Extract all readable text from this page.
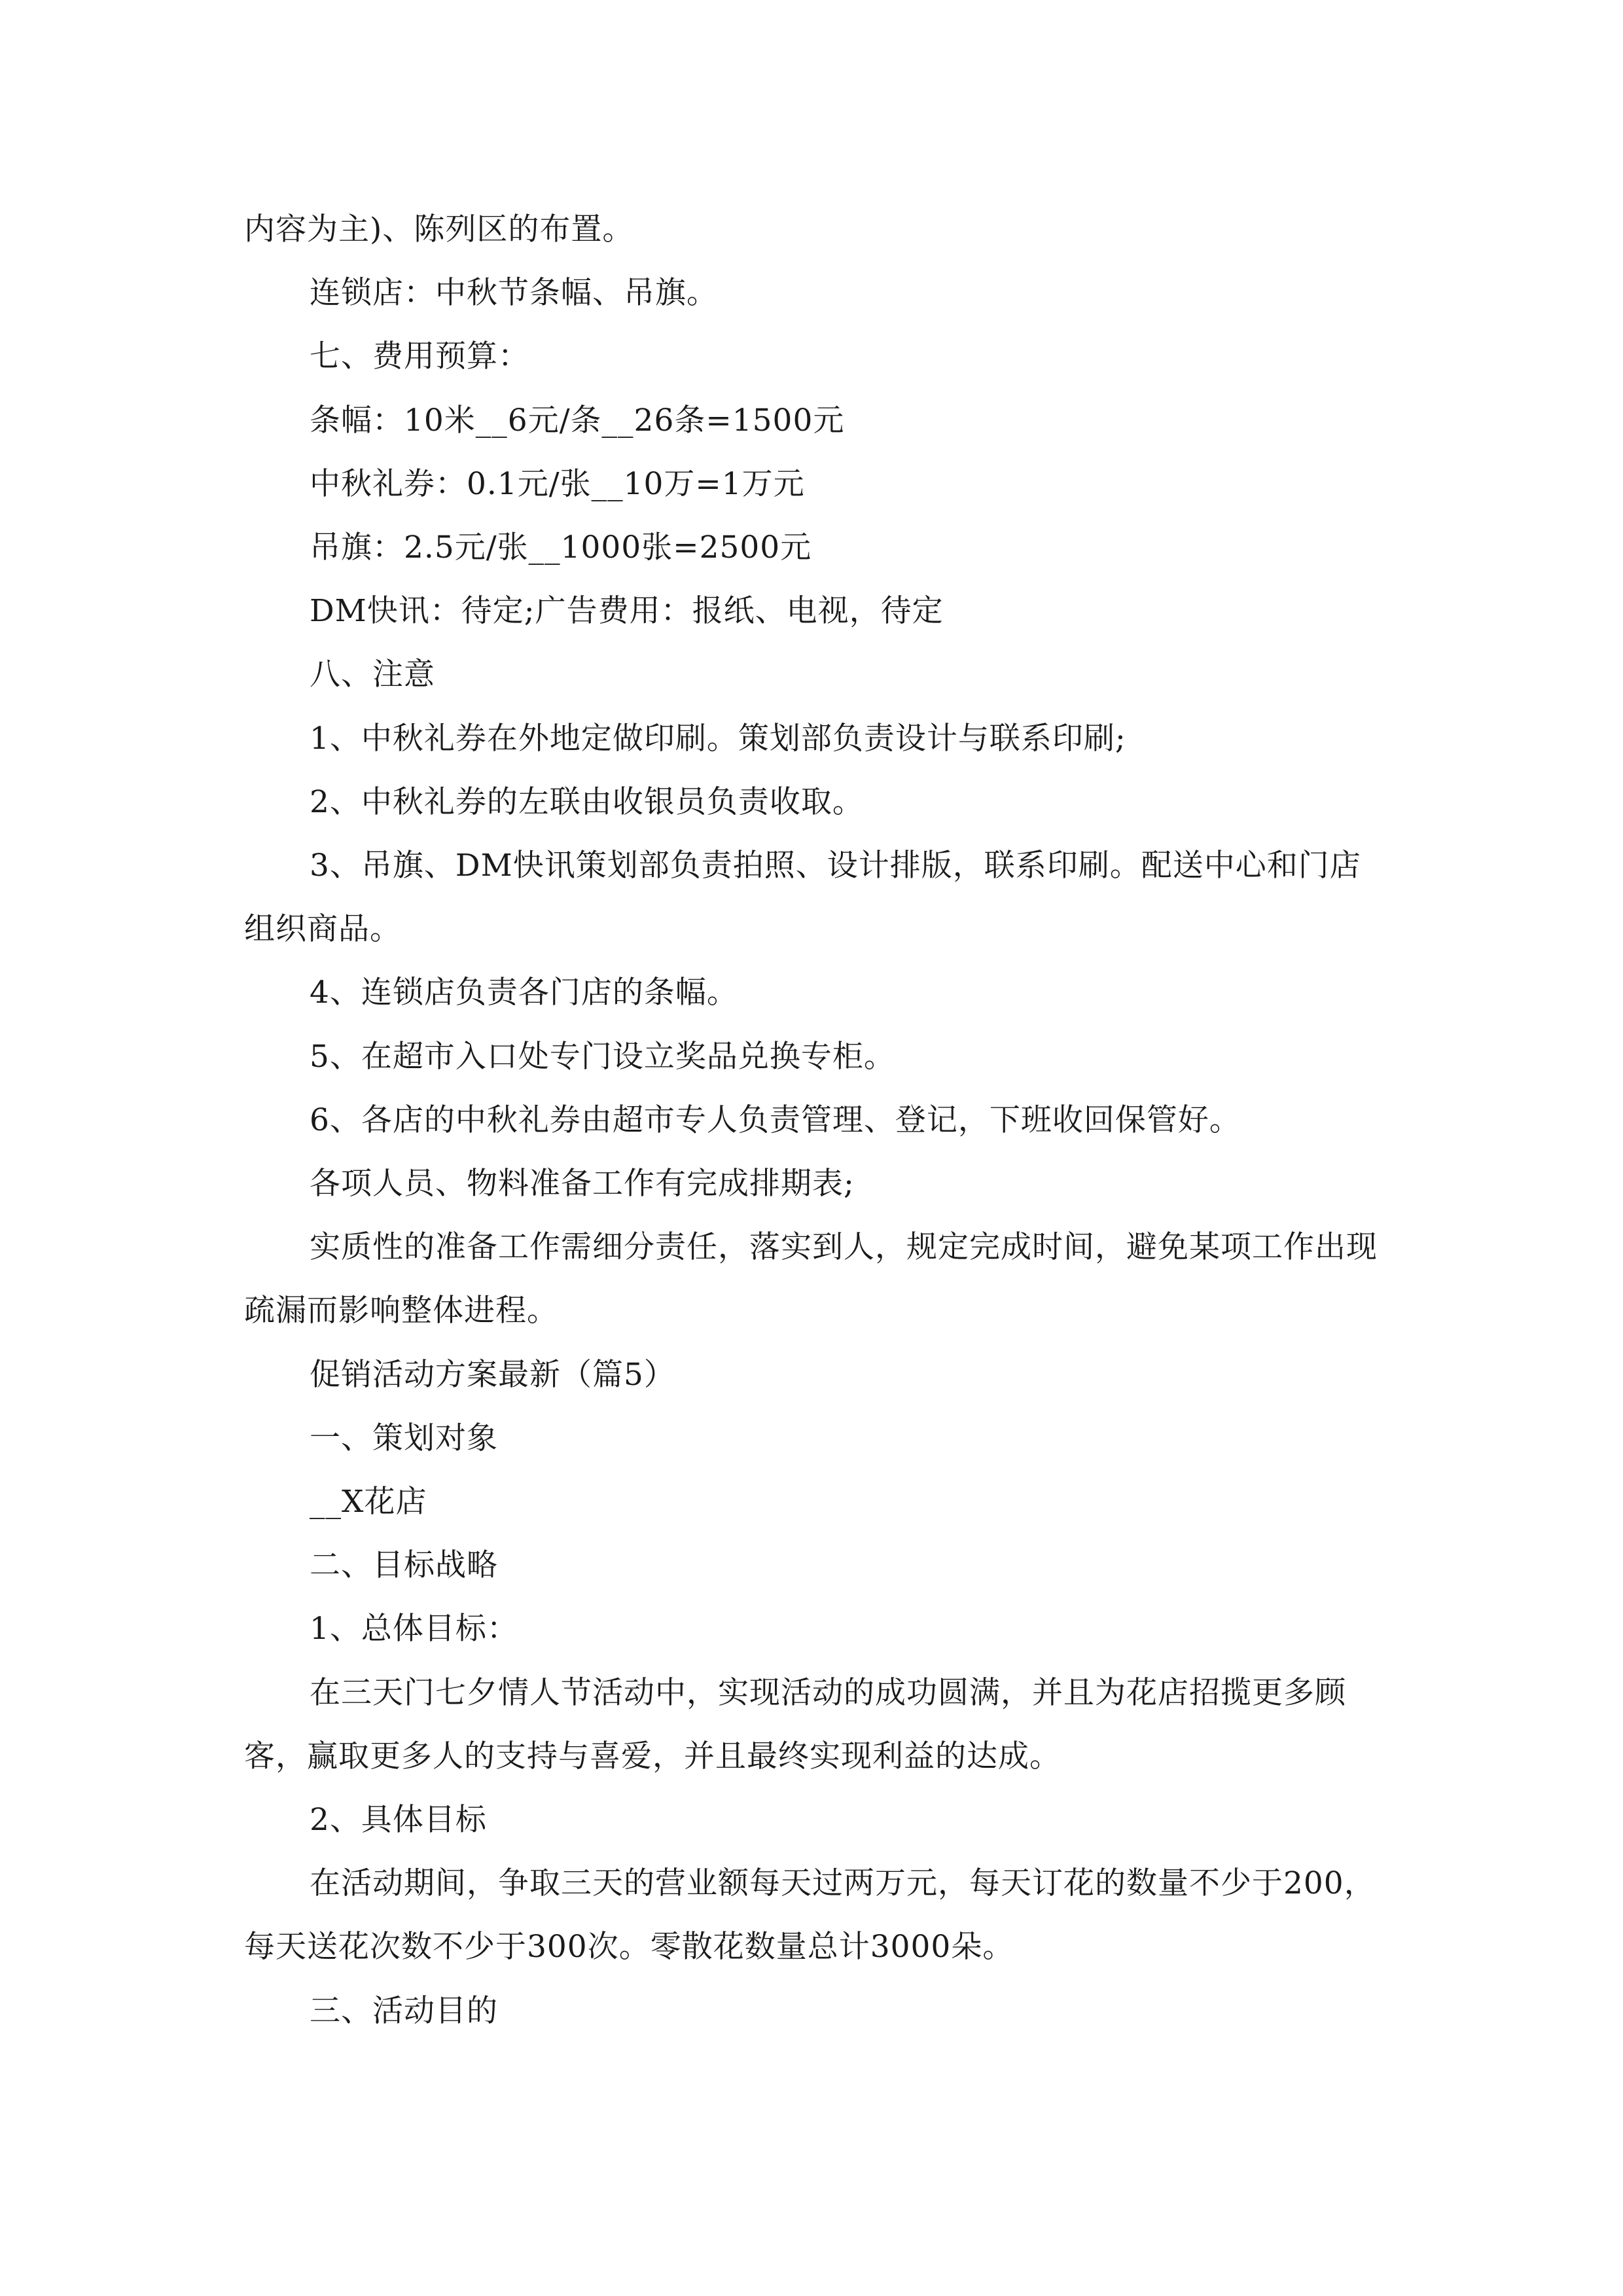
内容为主)、陈列区的布置。

连锁店：中秋节条幅、吊旗。

七、费用预算：

条幅：10米__6元/条__26条=1500元

中秋礼券：0.1元/张__10万=1万元

吊旗：2.5元/张__1000张=2500元

DM快讯：待定;广告费用：报纸、电视，待定

八、注意

1、中秋礼券在外地定做印刷。策划部负责设计与联系印刷;

2、中秋礼券的左联由收银员负责收取。

3、吊旗、DM快讯策划部负责拍照、设计排版，联系印刷。配送中心和门店组织商品。

4、连锁店负责各门店的条幅。

5、在超市入口处专门设立奖品兑换专柜。

6、各店的中秋礼券由超市专人负责管理、登记，下班收回保管好。

各项人员、物料准备工作有完成排期表;

实质性的准备工作需细分责任，落实到人，规定完成时间，避免某项工作出现疏漏而影响整体进程。

促销活动方案最新（篇5）

一、策划对象

__X花店

二、目标战略

1、总体目标：

在三天门七夕情人节活动中，实现活动的成功圆满，并且为花店招揽更多顾客，赢取更多人的支持与喜爱，并且最终实现利益的达成。

2、具体目标

在活动期间，争取三天的营业额每天过两万元，每天订花的数量不少于200，每天送花次数不少于300次。零散花数量总计3000朵。

三、活动目的
